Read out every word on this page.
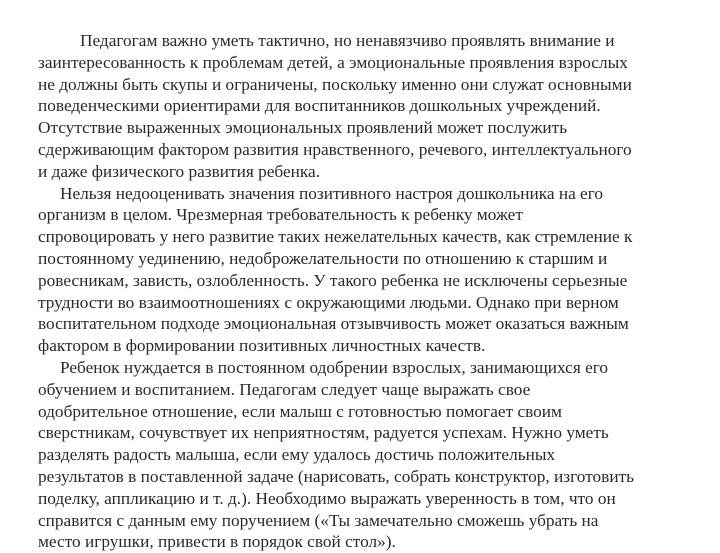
Педагогам важно уметь тактично, но ненавязчиво проявлять внимание и
заинтересованность к проблемам детей, а эмоциональные проявления взрослых
не должны быть скупы и ограничены, поскольку именно они служат основными
поведенческими ориентирами для воспитанников дошкольных учреждений.
Отсутствие выраженных эмоциональных проявлений может послужить
сдерживающим фактором развития нравственного, речевого, интеллектуального
и даже физического развития ребенка.
Нельзя недооценивать значения позитивного настроя дошкольника на его
организм в целом. Чрезмерная требовательность к ребенку может
спровоцировать у него развитие таких нежелательных качеств, как стремление к
постоянному уединению, недоброжелательности по отношению к старшим и
ровесникам, зависть, озлобленность. У такого ребенка не исключены серьезные
трудности во взаимоотношениях с окружающими людьми. Однако при верном
воспитательном подходе эмоциональная отзывчивость может оказаться важным
фактором в формировании позитивных личностных качеств.
Ребенок нуждается в постоянном одобрении взрослых, занимающихся его
обучением и воспитанием. Педагогам следует чаще выражать свое
одобрительное отношение, если малыш с готовностью помогает своим
сверстникам, сочувствует их неприятностям, радуется успехам. Нужно уметь
разделять радость малыша, если ему удалось достичь положительных
результатов в поставленной задаче (нарисовать, собрать конструктор, изготовить
поделку, аппликацию и т. д.). Необходимо выражать уверенность в том, что он
справится с данным ему поручением («Ты замечательно сможешь убрать на
место игрушки, привести в порядок свой стол»).
